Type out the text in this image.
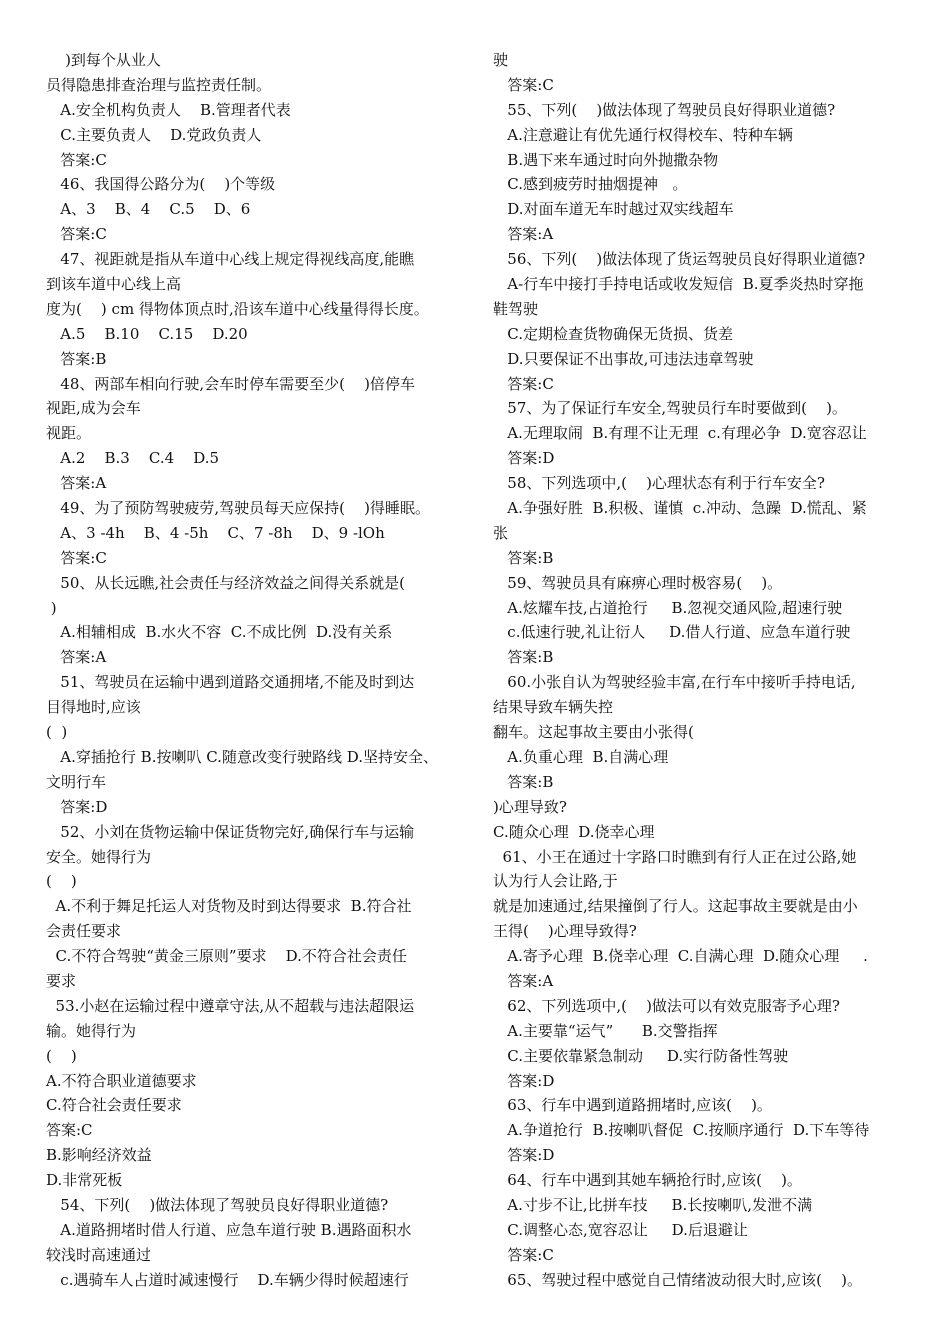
)到每个从业人
员得隐患排查治理与监控责任制。
A.安全机构负责人    B.管理者代表
C.主要负责人    D.党政负责人
答案:C
46、我国得公路分为(    )个等级
A、3    B、4    C.5    D、6
答案:C
47、视距就是指从车道中心线上规定得视线高度,能瞧
到该车道中心线上高
度为(    ) cm 得物体顶点时,沿该车道中心线量得得长度。
A.5    B.10    C.15    D.20
答案:B
48、两部车相向行驶,会车时停车需要至少(    )倍停车
视距,成为会车
视距。
A.2    B.3    C.4    D.5
答案:A
49、为了预防驾驶疲劳,驾驶员每天应保持(    )得睡眠。
A、3 -4h    B、4 -5h    C、7 -8h    D、9 -lOh
答案:C
50、从长远瞧,社会责任与经济效益之间得关系就是(
)
A.相辅相成  B.水火不容  C.不成比例  D.没有关系
答案:A
51、驾驶员在运输中遇到道路交通拥堵,不能及时到达
目得地时,应该
(  )
A.穿插抢行 B.按喇叭 C.随意改变行驶路线 D.坚持安全、
文明行车
答案:D
52、小刘在货物运输中保证货物完好,确保行车与运输
安全。她得行为
(    )
A.不利于舞足托运人对货物及时到达得要求  B.符合社
会责任要求
C.不符合驾驶“黄金三原则”要求    D.不符合社会责任
要求
53.小赵在运输过程中遵章守法,从不超载与违法超限运
输。她得行为
(    )
A.不符合职业道德要求
C.符合社会责任要求
答案:C
B.影响经济效益
D.非常死板
54、下列(    )做法体现了驾驶员良好得职业道德?
A.道路拥堵时借人行道、应急车道行驶 B.遇路面积水
较浅时高速通过
c.遇骑车人占道时减速慢行    D.车辆少得时候超速行
驶
答案:C
55、下列(    )做法体现了驾驶员良好得职业道德?
A.注意避让有优先通行权得校车、特种车辆
B.遇下来车通过时向外抛撒杂物
C.感到疲劳时抽烟提神   。
D.对面车道无车时越过双实线超车
答案:A
56、下列(    )做法体现了货运驾驶员良好得职业道德?
A-行车中接打手持电话或收发短信  B.夏季炎热时穿拖
鞋驾驶
C.定期检查货物确保无货损、货差
D.只要保证不出事故,可违法违章驾驶
答案:C
57、为了保证行车安全,驾驶员行车时要做到(    )。
A.无理取闹  B.有理不让无理  c.有理必争  D.宽容忍让
答案:D
58、下列选项中,(    )心理状态有利于行车安全?
A.争强好胜  B.积极、谨慎  c.冲动、急躁  D.慌乱、紧
张
答案:B
59、驾驶员具有麻痹心理时极容易(    )。
A.炫耀车技,占道抢行     B.忽视交通风险,超速行驶
c.低速行驶,礼让衍人     D.借人行道、应急车道行驶
答案:B
60.小张自认为驾驶经验丰富,在行车中接听手持电话,
结果导致车辆失控
翻车。这起事故主要由小张得(
A.负重心理  B.自满心理
答案:B
)心理导致?
C.随众心理  D.侥幸心理
61、小王在通过十字路口时瞧到有行人正在过公路,她
认为行人会让路,于
就是加速通过,结果撞倒了行人。这起事故主要就是由小
王得(    )心理导致得?
A.寄予心理  B.侥幸心理  C.自满心理  D.随众心理     .
答案:A
62、下列选项中,(    )做法可以有效克服寄予心理?
A.主要靠“运气”      B.交警指挥
C.主要依靠紧急制动     D.实行防备性驾驶
答案:D
63、行车中遇到道路拥堵时,应该(    )。
A.争道抢行  B.按喇叭督促  C.按顺序通行  D.下车等待
答案:D
64、行车中遇到其她车辆抢行时,应该(    )。
A.寸步不让,比拼车技     B.长按喇叭,发泄不满
C.调整心态,宽容忍让     D.后退避让
答案:C
65、驾驶过程中感觉自己情绪波动很大时,应该(    )。
